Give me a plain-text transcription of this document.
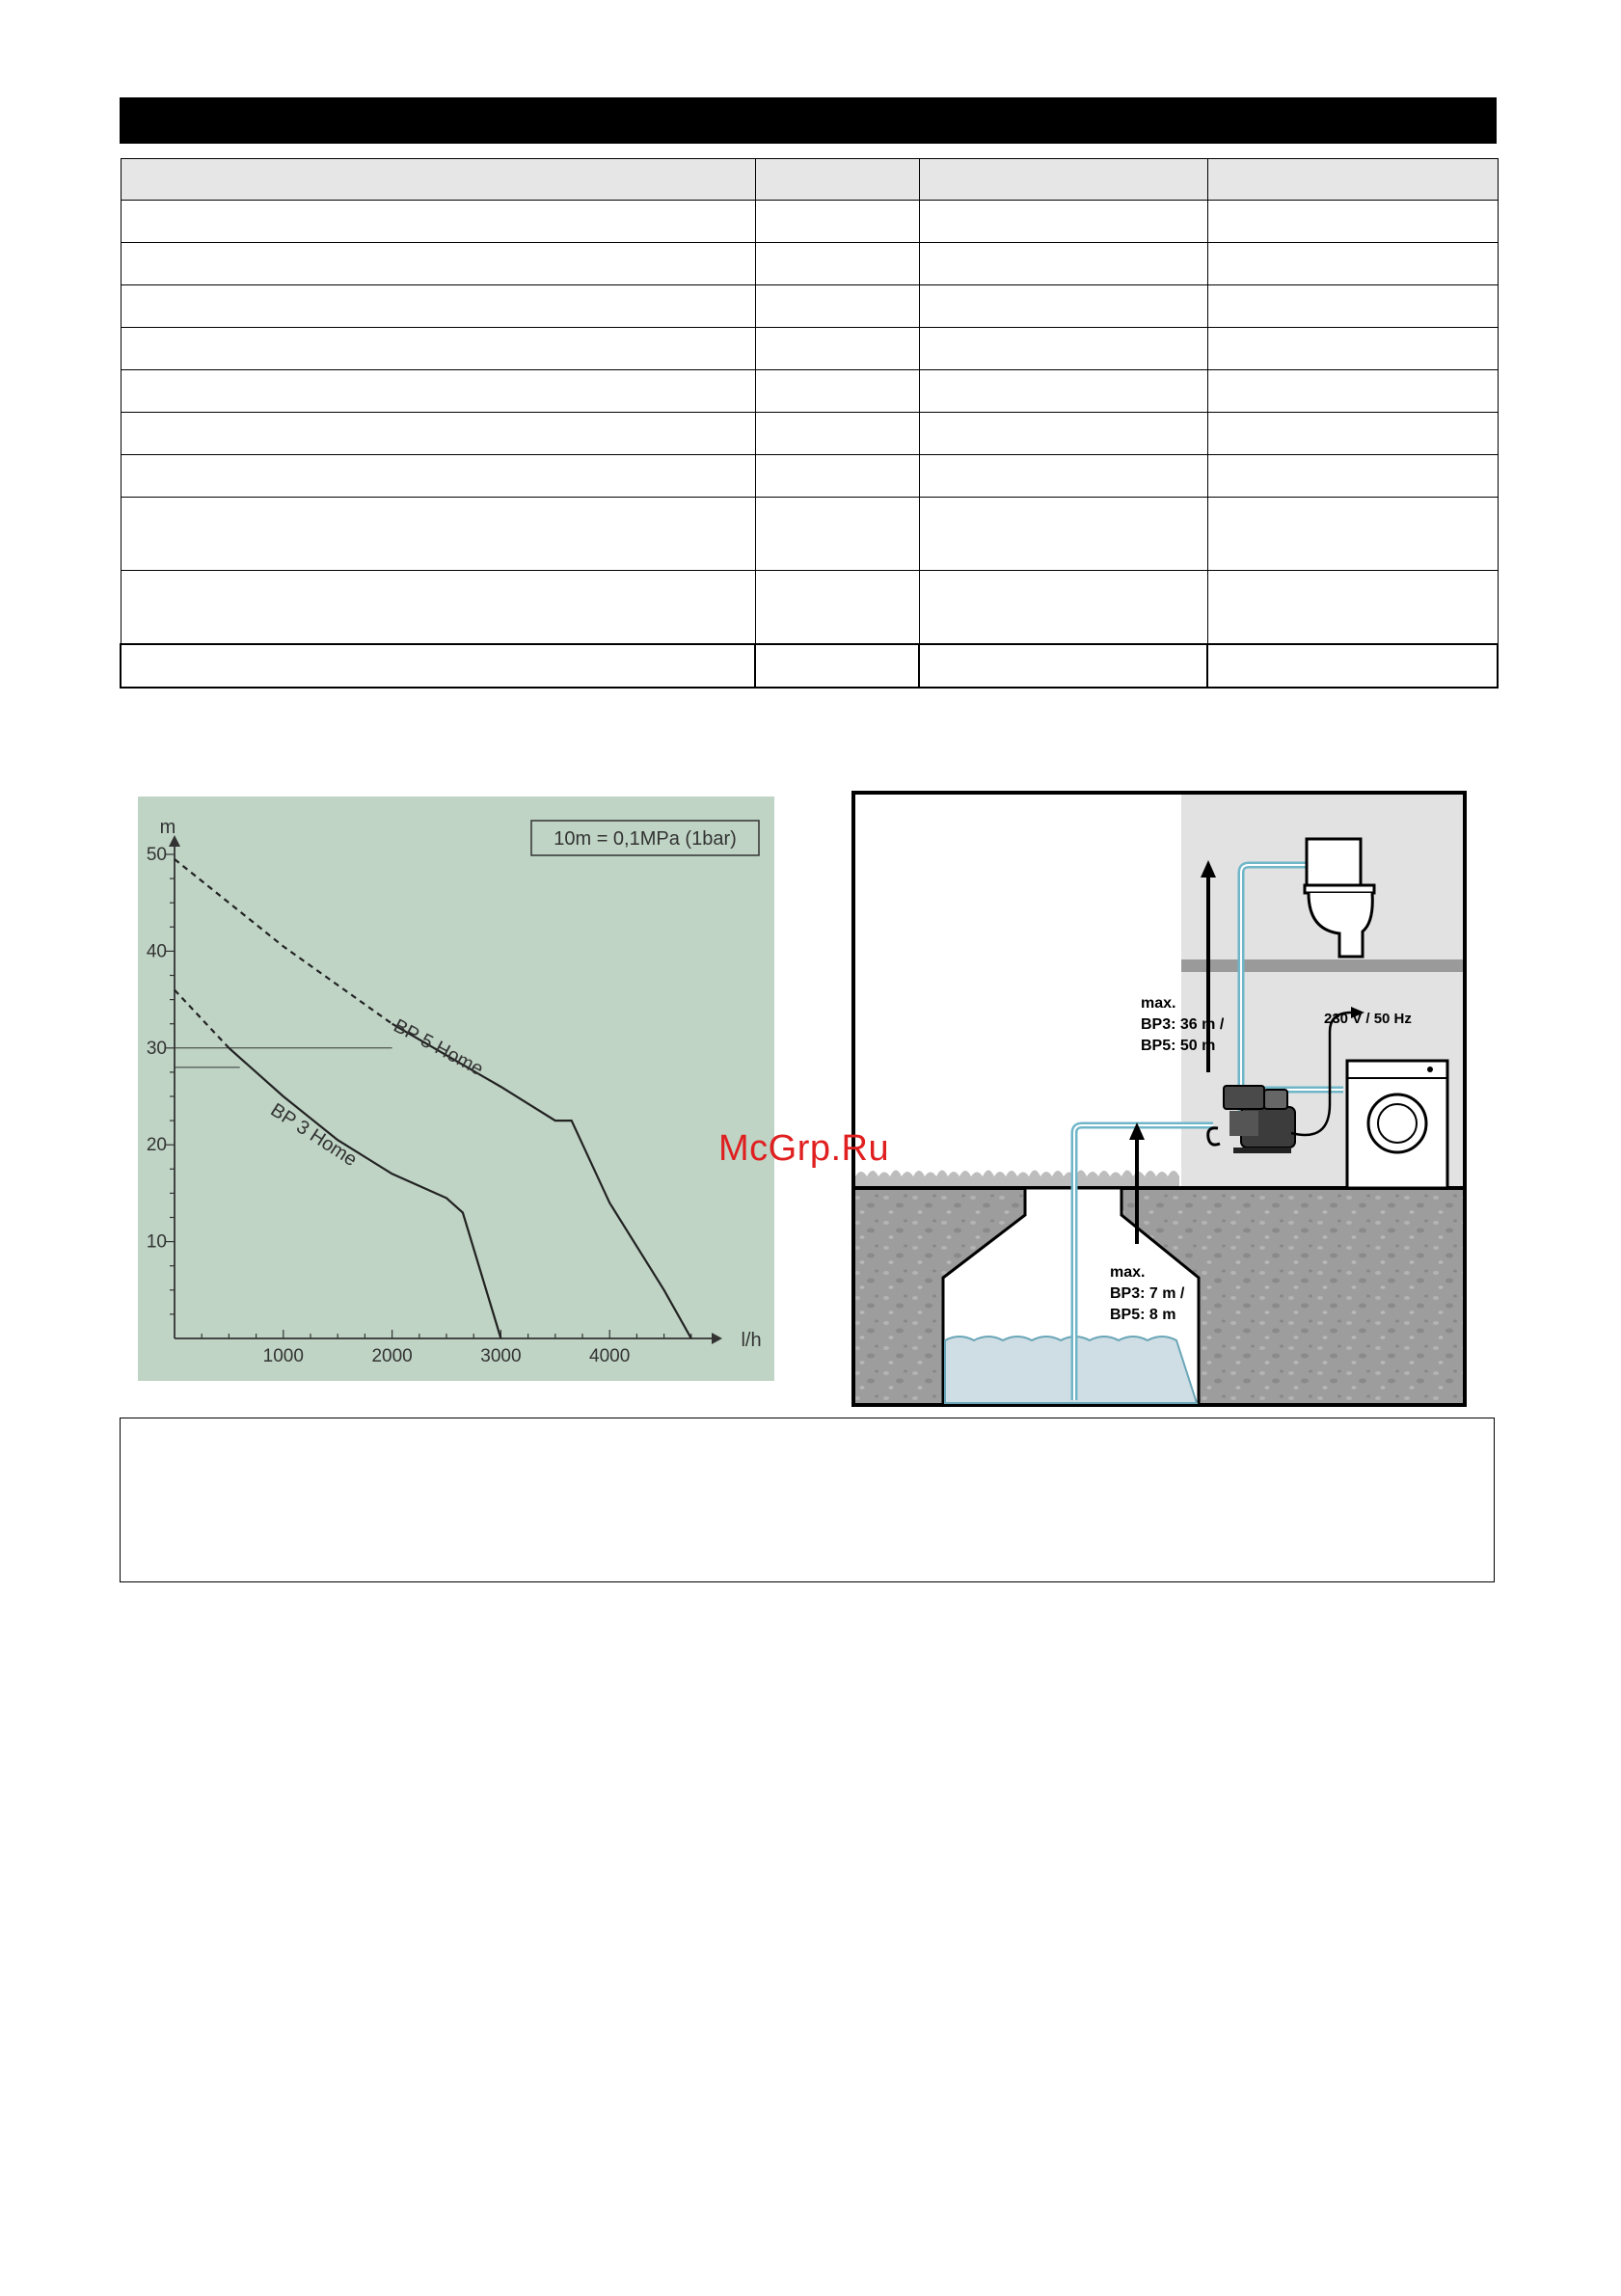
10m = 0,1MPa (1bar)
m
l/h
1000	2000	3000	4000
10
20
30
40
50
BP 5 Home
BP 3 Home
max.
BP3: 36 m /
BP5: 50 m
max.
BP3: 7 m /
BP5: 8 m
230 V / 50 Hz
McGrp.Ru
